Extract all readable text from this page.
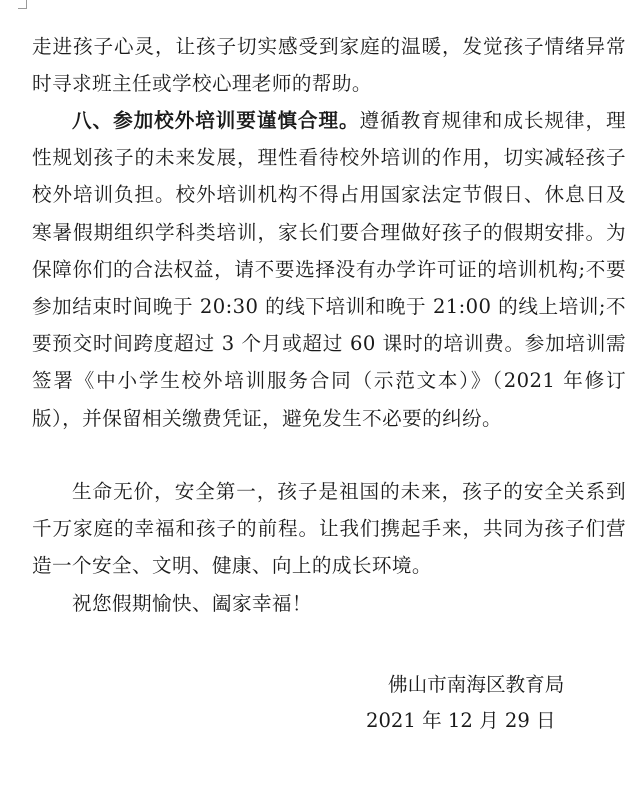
走进孩子心灵，让孩子切实感受到家庭的温暖，发觉孩子情绪异常时寻求班主任或学校心理老师的帮助。

八、参加校外培训要谨慎合理。遵循教育规律和成长规律，理性规划孩子的未来发展，理性看待校外培训的作用，切实减轻孩子校外培训负担。校外培训机构不得占用国家法定节假日、休息日及寒暑假期组织学科类培训，家长们要合理做好孩子的假期安排。为保障你们的合法权益，请不要选择没有办学许可证的培训机构;不要参加结束时间晚于 20:30 的线下培训和晚于 21:00 的线上培训;不要预交时间跨度超过 3 个月或超过 60 课时的培训费。参加培训需签署《中小学生校外培训服务合同（示范文本）》（2021 年修订版），并保留相关缴费凭证，避免发生不必要的纠纷。

生命无价，安全第一，孩子是祖国的未来，孩子的安全关系到千万家庭的幸福和孩子的前程。让我们携起手来，共同为孩子们营造一个安全、文明、健康、向上的成长环境。

祝您假期愉快、阖家幸福！

佛山市南海区教育局
2021 年 12 月 29 日
